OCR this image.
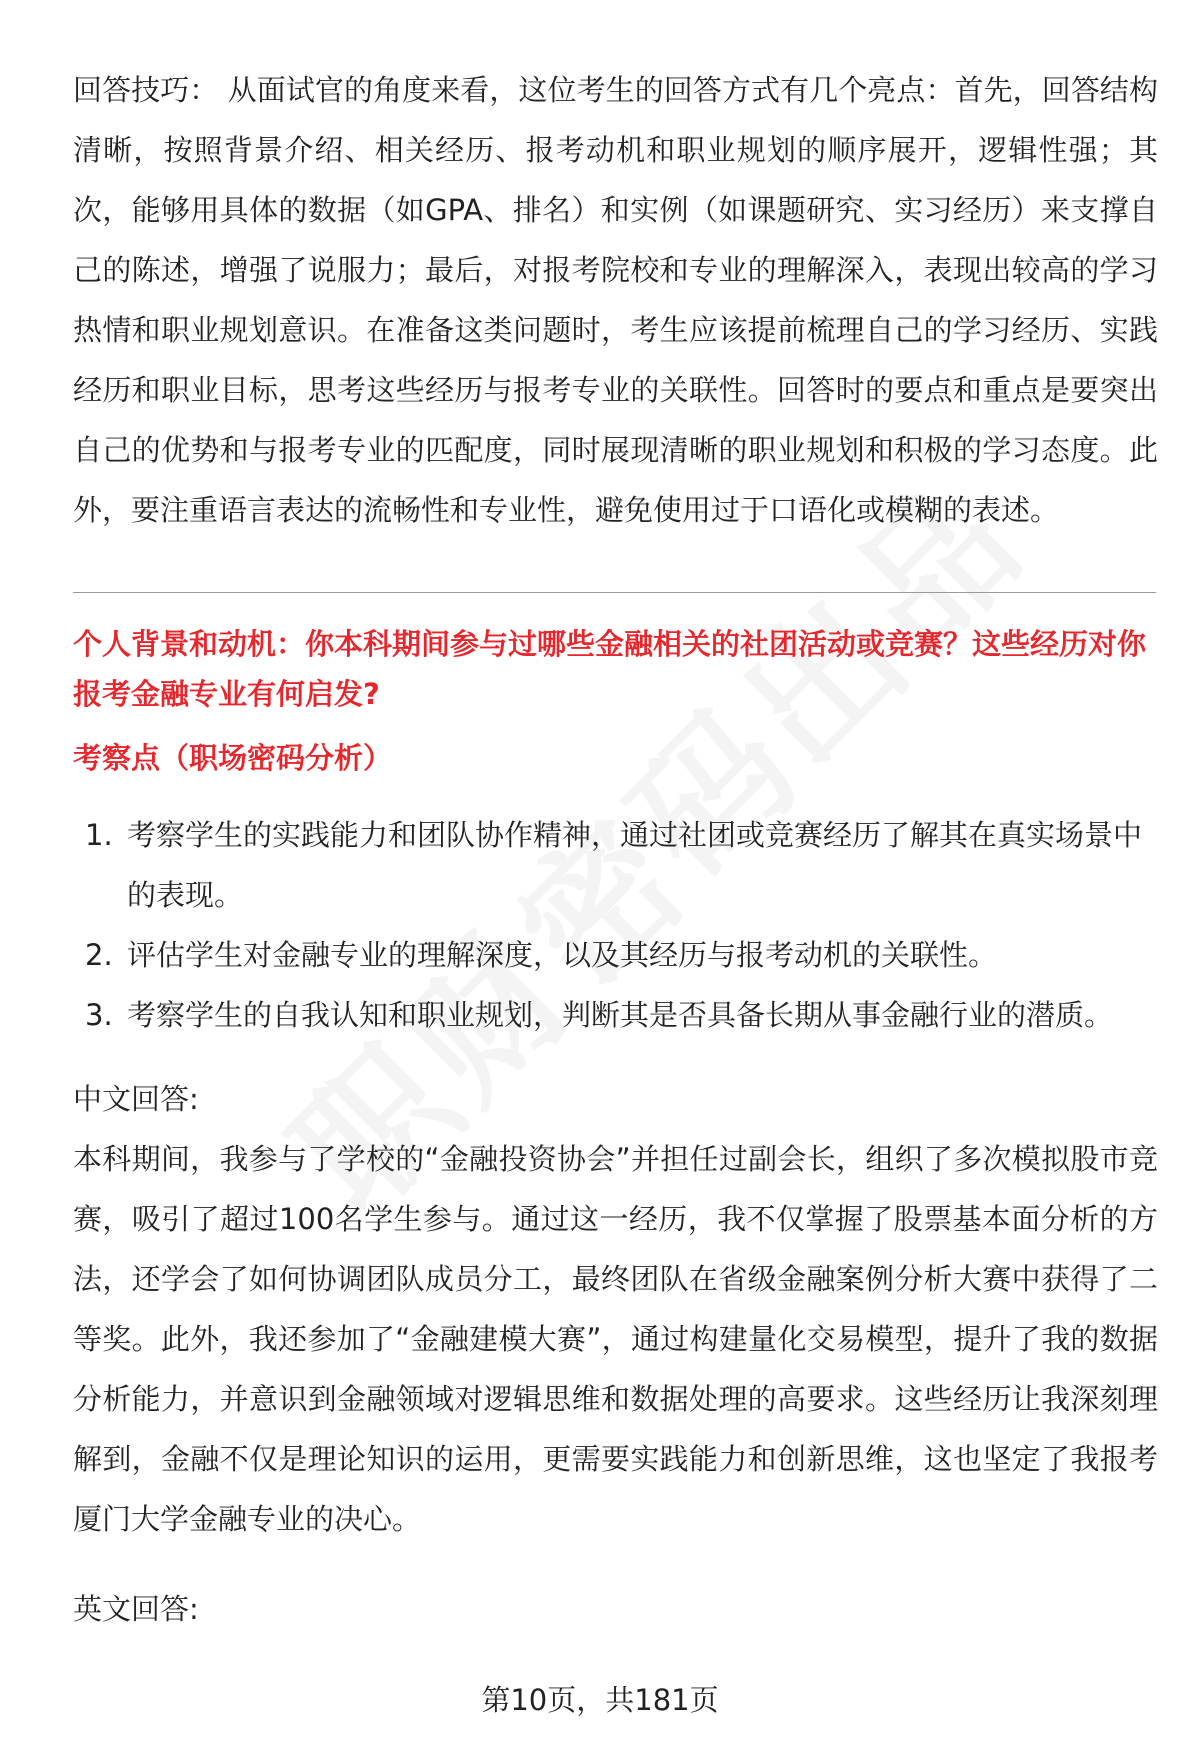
回答技巧： 从面试官的角度来看，这位考生的回答方式有几个亮点：首先，回答结构清晰，按照背景介绍、相关经历、报考动机和职业规划的顺序展开，逻辑性强；其次，能够用具体的数据（如GPA、排名）和实例（如课题研究、实习经历）来支撑自己的陈述，增强了说服力；最后，对报考院校和专业的理解深入，表现出较高的学习热情和职业规划意识。在准备这类问题时，考生应该提前梳理自己的学习经历、实践经历和职业目标，思考这些经历与报考专业的关联性。回答时的要点和重点是要突出自己的优势和与报考专业的匹配度，同时展现清晰的职业规划和积极的学习态度。此外，要注重语言表达的流畅性和专业性，避免使用过于口语化或模糊的表述。

个人背景和动机：你本科期间参与过哪些金融相关的社团活动或竞赛？这些经历对你报考金融专业有何启发?

考察点（职场密码分析）

1. 考察学生的实践能力和团队协作精神，通过社团或竞赛经历了解其在真实场景中的表现。
2. 评估学生对金融专业的理解深度，以及其经历与报考动机的关联性。
3. 考察学生的自我认知和职业规划，判断其是否具备长期从事金融行业的潜质。

中文回答:

本科期间，我参与了学校的“金融投资协会”并担任过副会长，组织了多次模拟股市竞赛，吸引了超过100名学生参与。通过这一经历，我不仅掌握了股票基本面分析的方法，还学会了如何协调团队成员分工，最终团队在省级金融案例分析大赛中获得了二等奖。此外，我还参加了“金融建模大赛”，通过构建量化交易模型，提升了我的数据分析能力，并意识到金融领域对逻辑思维和数据处理的高要求。这些经历让我深刻理解到，金融不仅是理论知识的运用，更需要实践能力和创新思维，这也坚定了我报考厦门大学金融专业的决心。

英文回答:

第10页，共181页
